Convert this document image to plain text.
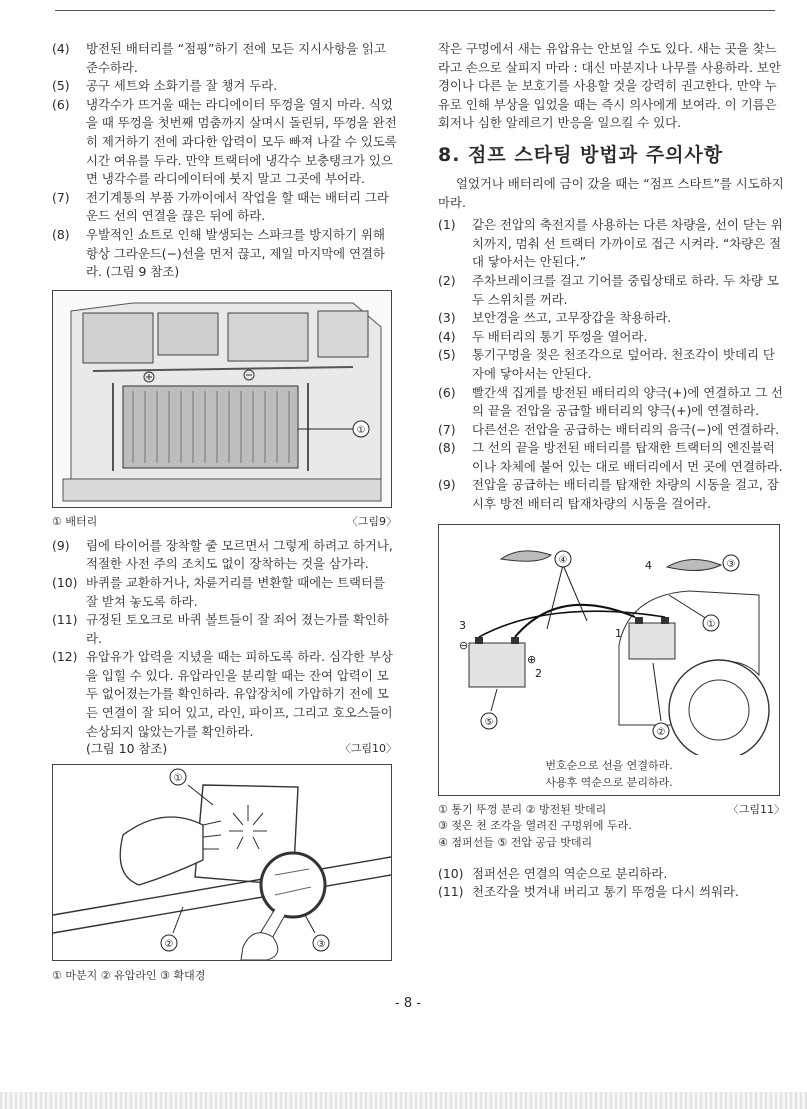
(4) 방전된 배터리를 “점핑”하기 전에 모든 지시사항을 읽고 준수하라.
(5) 공구 세트와 소화기를 잘 챙겨 두라.
(6) 냉각수가 뜨거울 때는 라디에이터 뚜껑을 열지 마라. 식었을 때 뚜껑을 첫번째 멈춤까지 살며시 돌린뒤, 뚜껑을 완전히 제거하기 전에 과다한 압력이 모두 빠져 나갈 수 있도록 시간 여유를 두라. 만약 트랙터에 냉각수 보충탱크가 있으면 냉각수를 라디에이터에 붓지 말고 그곳에 부어라.
(7) 전기계통의 부품 가까이에서 작업을 할 때는 배터리 그라운드 선의 연결을 끊은 뒤에 하라.
(8) 우발적인 쇼트로 인해 발생되는 스파크를 방지하기 위해 항상 그라운드(−)선을 먼저 끊고, 제일 마지막에 연결하라. (그림 9 참조)
①
① 배터리	〈그림9〉
(9) 림에 타이어를 장착할 줄 모르면서 그렇게 하려고 하거나, 적절한 사전 주의 조치도 없이 장착하는 것을 삼가라.
(10) 바퀴를 교환하거나, 차륜거리를 변환할 때에는 트랙터를 잘 받쳐 놓도록 하라.
(11) 규정된 토오크로 바퀴 볼트들이 잘 죄어 졌는가를 확인하라.
(12) 유압유가 압력을 지녔을 때는 피하도록 하라. 심각한 부상을 입힐 수 있다. 유압라인을 분리할 때는 잔여 압력이 모두 없어졌는가를 확인하라. 유압장치에 가압하기 전에 모든 연결이 잘 되어 있고, 라인, 파이프, 그리고 호오스들이 손상되지 않았는가를 확인하라.
(그림 10 참조)	〈그림10〉
①
②	③
① 마분지 ② 유압라인 ③ 확대경
- 8 -
작은 구멍에서 새는 유압유는 안보일 수도 있다. 새는 곳을 찾느라고 손으로 살피지 마라 : 대신 마분지나 나무를 사용하라. 보안경이나 다른 눈 보호기를 사용할 것을 강력히 권고한다. 만약 누유로 인해 부상을 입었을 때는 즉시 의사에게 보여라. 이 기름은 회저나 심한 알레르기 반응을 일으킬 수 있다.
8. 점프 스타팅 방법과 주의사항
얼었거나 배터리에 금이 갔을 때는 “점프 스타트”를 시도하지 마라.
(1) 같은 전압의 축전지를 사용하는 다른 차량을, 선이 닫는 위치까지, 멈춰 선 트랙터 가까이로 접근 시켜라. “차량은 절대 닿아서는 안된다.”
(2) 주차브레이크를 걸고 기어를 중립상태로 하라. 두 차량 모두 스위치를 꺼라.
(3) 보안경을 쓰고, 고무장갑을 착용하라.
(4) 두 배터리의 통기 뚜껑을 열어라.
(5) 통기구멍을 젖은 천조각으로 덮어라. 천조각이 밧데리 단자에 닿아서는 안된다.
(6) 빨간색 집게를 방전된 배터리의 양극(+)에 연결하고 그 선의 끝을 전압을 공급할 배터리의 양극(+)에 연결하라.
(7) 다른선은 전압을 공급하는 배터리의 음극(−)에 연결하라.
(8) 그 선의 끝을 방전된 배터리를 탑재한 트랙터의 엔진블럭이나 차체에 붙어 있는 대로 배터리에서 먼 곳에 연결하라.
(9) 전압을 공급하는 배터리를 탑재한 차량의 시동을 걸고, 잠시후 방전 배터리 탑재차량의 시동을 걸어라.
④	③
①
②
⑤
4
1
2
3
⊕
⊖
번호순으로 선을 연결하라.
사용후 역순으로 분리하라.
① 통기 뚜껑 분리 ② 방전된 밧데리	〈그림11〉
③ 젖은 천 조각을 열려진 구멍위에 두라.
④ 점퍼선들 ⑤ 전압 공급 밧데리
(10) 점퍼선은 연결의 역순으로 분리하라.
(11) 천조각을 벗겨내 버리고 통기 뚜껑을 다시 씌워라.
